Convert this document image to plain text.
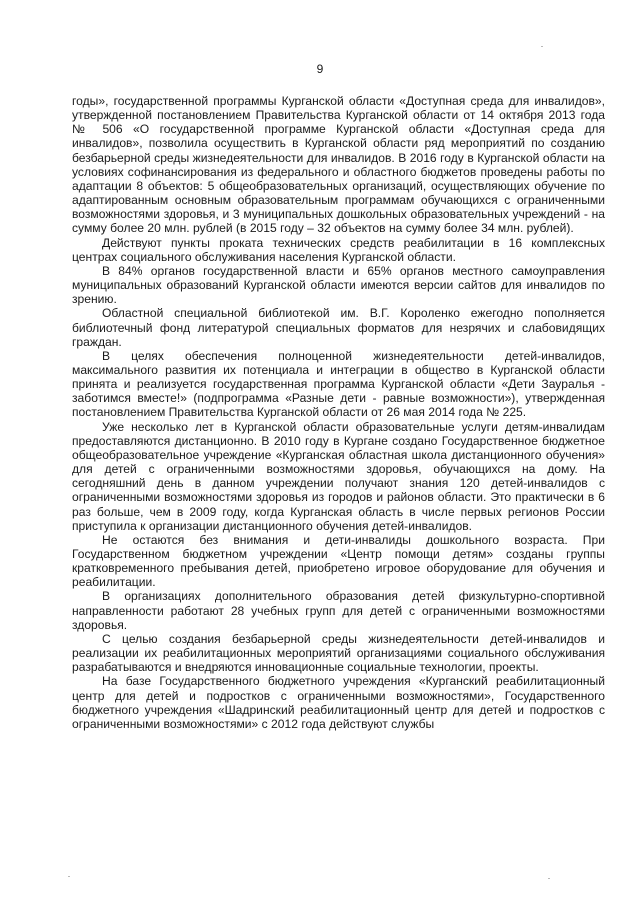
9

годы», государственной программы Курганской области «Доступная среда для инвалидов», утвержденной постановлением Правительства Курганской области от 14 октября 2013 года № 506 «О государственной программе Курганской области «Доступная среда для инвалидов», позволила осуществить в Курганской области ряд мероприятий по созданию безбарьерной среды жизнедеятельности для инвалидов. В 2016 году в Курганской области на условиях софинансирования из федерального и областного бюджетов проведены работы по адаптации 8 объектов: 5 общеобразовательных организаций, осуществляющих обучение по адаптированным основным образовательным программам обучающихся с ограниченными возможностями здоровья, и 3 муниципальных дошкольных образовательных учреждений - на сумму более 20 млн. рублей (в 2015 году – 32 объектов на сумму более 34 млн. рублей).

Действуют пункты проката технических средств реабилитации в 16 комплексных центрах социального обслуживания населения Курганской области.

В 84% органов государственной власти и 65% органов местного самоуправления муниципальных образований Курганской области имеются версии сайтов для инвалидов по зрению.

Областной специальной библиотекой им. В.Г. Короленко ежегодно пополняется библиотечный фонд литературой специальных форматов для незрячих и слабовидящих граждан.

В целях обеспечения полноценной жизнедеятельности детей-инвалидов, максимального развития их потенциала и интеграции в общество в Курганской области принята и реализуется государственная программа Курганской области «Дети Зауралья - заботимся вместе!» (подпрограмма «Разные дети - равные возможности»), утвержденная постановлением Правительства Курганской области от 26 мая 2014 года № 225.

Уже несколько лет в Курганской области образовательные услуги детям-инвалидам предоставляются дистанционно. В 2010 году в Кургане создано Государственное бюджетное общеобразовательное учреждение «Курганская областная школа дистанционного обучения» для детей с ограниченными возможностями здоровья, обучающихся на дому. На сегодняшний день в данном учреждении получают знания 120 детей-инвалидов с ограниченными возможностями здоровья из городов и районов области. Это практически в 6 раз больше, чем в 2009 году, когда Курганская область в числе первых регионов России приступила к организации дистанционного обучения детей-инвалидов.

Не остаются без внимания и дети-инвалиды дошкольного возраста. При Государственном бюджетном учреждении «Центр помощи детям» созданы группы кратковременного пребывания детей, приобретено игровое оборудование для обучения и реабилитации.

В организациях дополнительного образования детей физкультурно-спортивной направленности работают 28 учебных групп для детей с ограниченными возможностями здоровья.

С целью создания безбарьерной среды жизнедеятельности детей-инвалидов и реализации их реабилитационных мероприятий организациями социального обслуживания разрабатываются и внедряются инновационные социальные технологии, проекты.

На базе Государственного бюджетного учреждения «Курганский реабилитационный центр для детей и подростков с ограниченными возможностями», Государственного бюджетного учреждения «Шадринский реабилитационный центр для детей и подростков с ограниченными возможностями» с 2012 года действуют службы
